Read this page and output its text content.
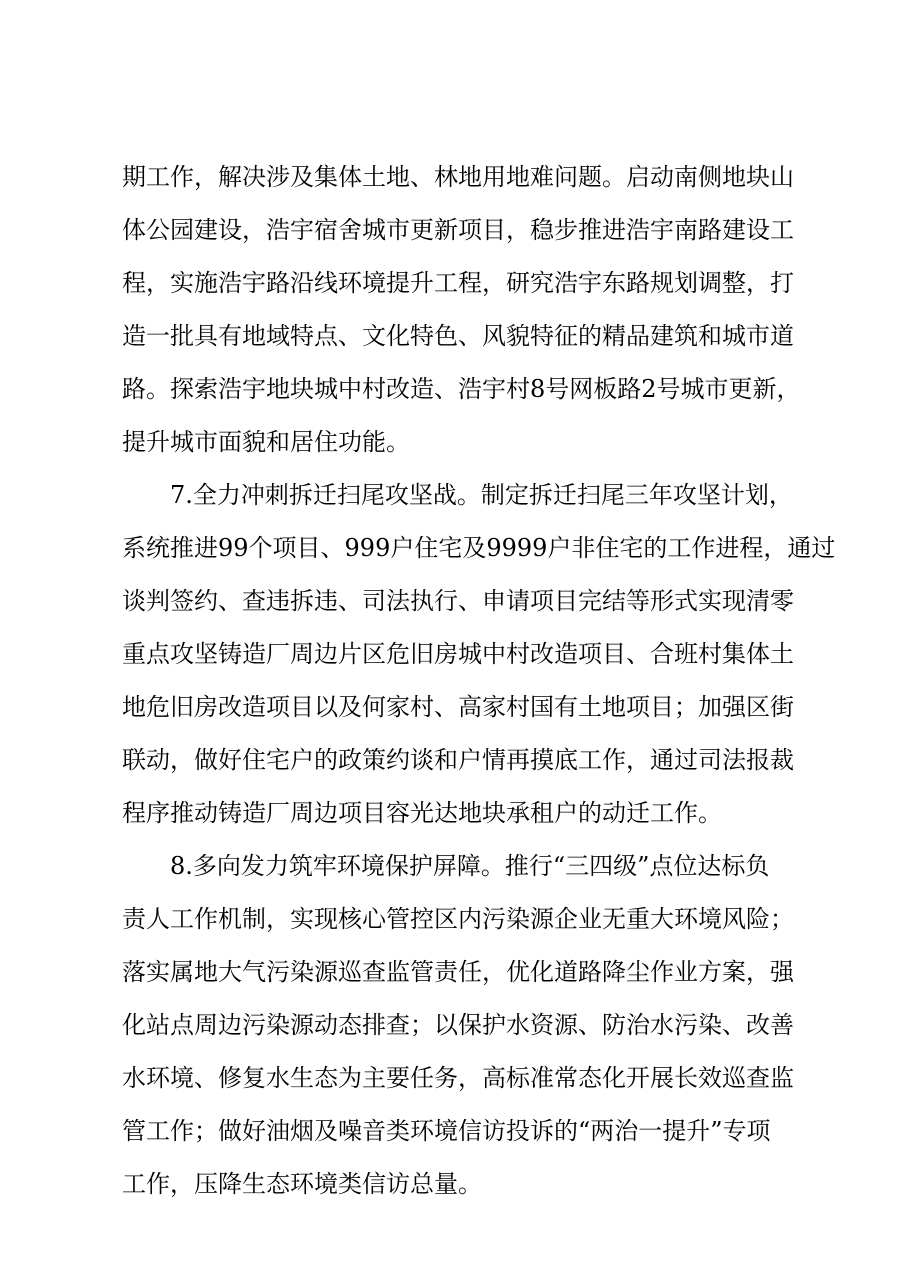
期工作，解决涉及集体土地、林地用地难问题。启动南侧地块山
体公园建设，浩宇宿舍城市更新项目，稳步推进浩宇南路建设工
程，实施浩宇路沿线环境提升工程，研究浩宇东路规划调整，打
造一批具有地域特点、文化特色、风貌特征的精品建筑和城市道
路。探索浩宇地块城中村改造、浩宇村8号网板路2号城市更新，
提升城市面貌和居住功能。
7.全力冲刺拆迁扫尾攻坚战。制定拆迁扫尾三年攻坚计划，
系统推进99个项目、999户住宅及9999户非住宅的工作进程，通过
谈判签约、查违拆违、司法执行、申请项目完结等形式实现清零
重点攻坚铸造厂周边片区危旧房城中村改造项目、合班村集体土
地危旧房改造项目以及何家村、高家村国有土地项目；加强区街
联动，做好住宅户的政策约谈和户情再摸底工作，通过司法报裁
程序推动铸造厂周边项目容光达地块承租户的动迁工作。
8.多向发力筑牢环境保护屏障。推行“三四级”点位达标负
责人工作机制，实现核心管控区内污染源企业无重大环境风险；
落实属地大气污染源巡查监管责任，优化道路降尘作业方案，强
化站点周边污染源动态排查；以保护水资源、防治水污染、改善
水环境、修复水生态为主要任务，高标准常态化开展长效巡查监
管工作；做好油烟及噪音类环境信访投诉的“两治一提升”专项
工作，压降生态环境类信访总量。
